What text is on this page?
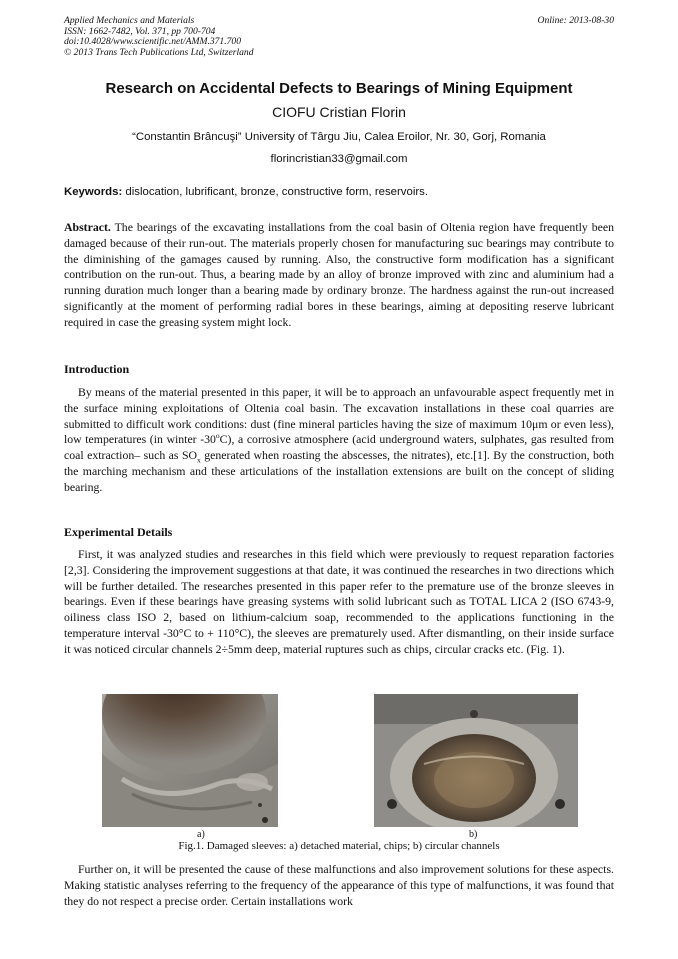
Applied Mechanics and Materials
ISSN: 1662-7482, Vol. 371, pp 700-704
doi:10.4028/www.scientific.net/AMM.371.700
© 2013 Trans Tech Publications Ltd, Switzerland
Online: 2013-08-30
Research on Accidental Defects to Bearings of Mining Equipment
CIOFU Cristian Florin
“Constantin Brâncuşi” University of Târgu Jiu, Calea Eroilor, Nr. 30, Gorj, Romania
florincristian33@gmail.com
Keywords: dislocation, lubrificant, bronze, constructive form, reservoirs.

Abstract. The bearings of the excavating installations from the coal basin of Oltenia region have frequently been damaged because of their run-out. The materials properly chosen for manufacturing suc bearings may contribute to the diminishing of the gamages caused by running. Also, the constructive form modification has a significant contribution on the run-out. Thus, a bearing made by an alloy of bronze improved with zinc and aluminium had a running duration much longer than a bearing made by ordinary bronze. The hardness against the run-out increased significantly at the moment of performing radial bores in these bearings, aiming at depositing reserve lubricant required in case the greasing system might lock.

Introduction

By means of the material presented in this paper, it will be to approach an unfavourable aspect frequently met in the surface mining exploitations of Oltenia coal basin. The excavation installations in these coal quarries are submitted to difficult work conditions: dust (fine mineral particles having the size of maximum 10μm or even less), low temperatures (in winter -30$^o$C), a corrosive atmosphere (acid underground waters, sulphates, gas resulted from coal extraction– such as $SO_x$ generated when roasting the abscesses, the nitrates), etc.[1]. By the construction, both the marching mechanism and these articulations of the installation extensions are built on the concept of sliding bearing.

Experimental Details

First, it was analyzed studies and researches in this field which were previously to request reparation factories [2,3]. Considering the improvement suggestions at that date, it was continued the researches in two directions which will be further detailed. The researches presented in this paper refer to the premature use of the bronze sleeves in bearings. Even if these bearings have greasing systems with solid lubricant such as TOTAL LICA 2 (ISO 6743-9, oiliness class ISO 2, based on lithium-calcium soap, recommended to the applications functioning in the temperature interval -30°C to + 110°C), the sleeves are prematurely used. After dismantling, on their inside surface it was noticed circular channels 2÷5mm deep, material ruptures such as chips, circular cracks etc. (Fig. 1).

a)	b)
Fig.1. Damaged sleeves: a) detached material, chips; b) circular channels

Further on, it will be presented the cause of these malfunctions and also improvement solutions for these aspects. Making statistic analyses referring to the frequency of the appearance of this type of malfunctions, it was found that they do not respect a precise order. Certain installations work
